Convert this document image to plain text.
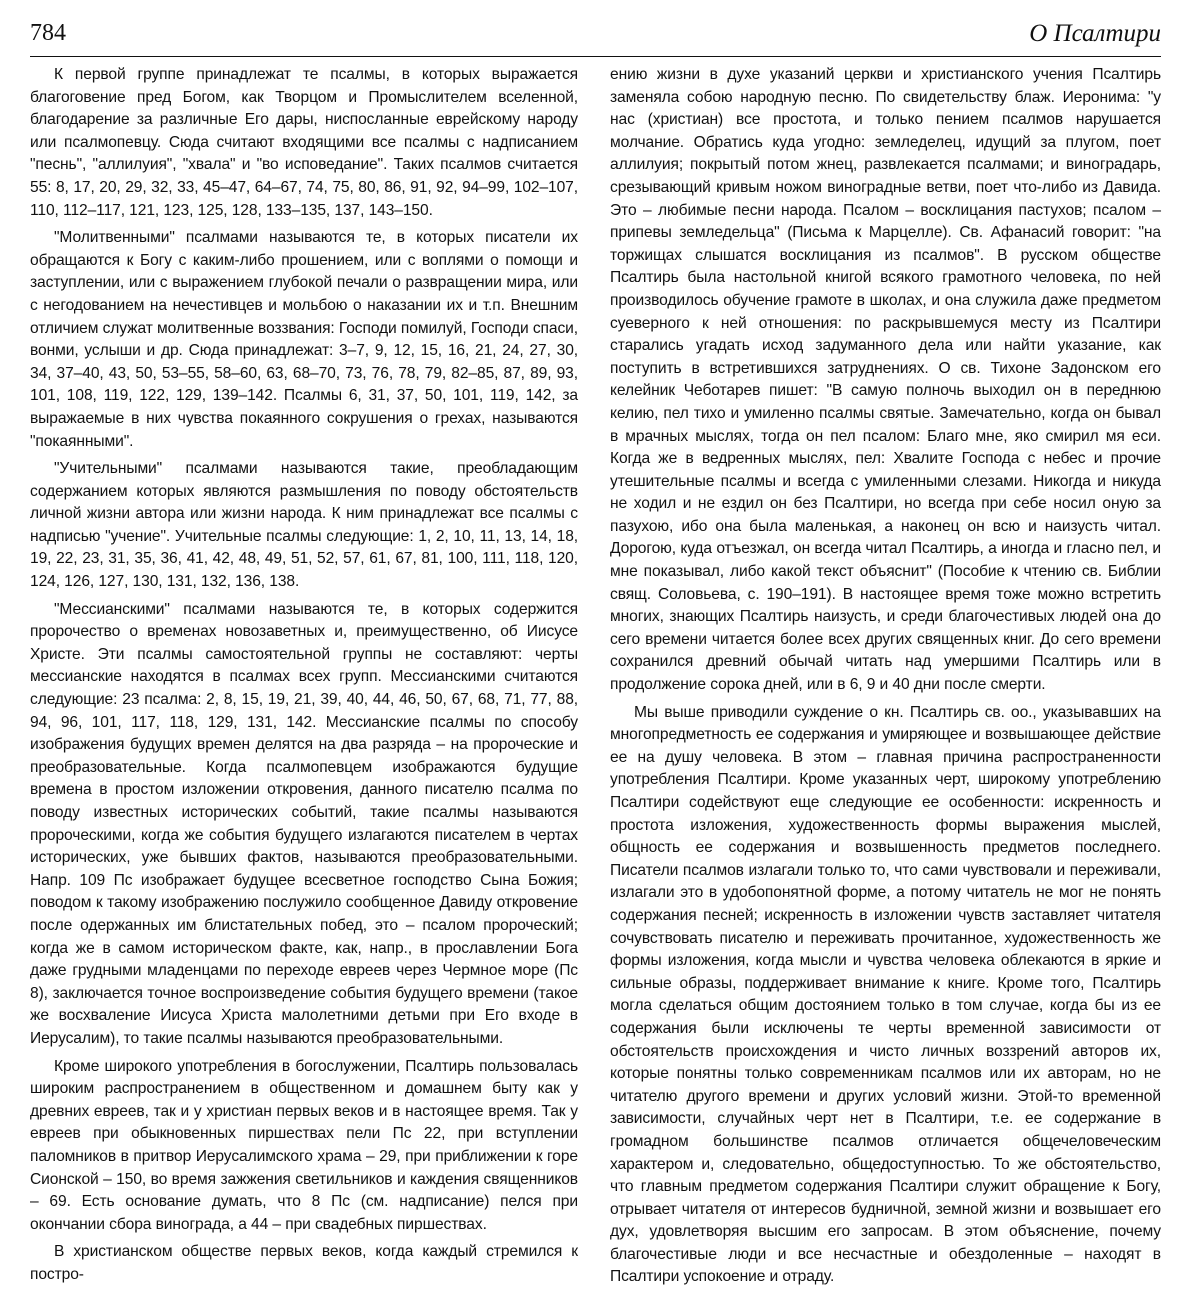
784	О Псалтири

К первой группе принадлежат те псалмы, в которых выражается благоговение пред Богом, как Творцом и Промыслителем вселенной, благодарение за различные Его дары, ниспосланные еврейскому народу или псалмопевцу. Сюда считают входящими все псалмы с надписанием "песнь", "аллилуия", "хвала" и "во исповедание". Таких псалмов считается 55: 8, 17, 20, 29, 32, 33, 45–47, 64–67, 74, 75, 80, 86, 91, 92, 94–99, 102–107, 110, 112–117, 121, 123, 125, 128, 133–135, 137, 143–150.

"Молитвенными" псалмами называются те, в которых писатели их обращаются к Богу с каким-либо прошением, или с воплями о помощи и заступлении, или с выражением глубокой печали о развращении мира, или с негодованием на нечестивцев и мольбою о наказании их и т.п. Внешним отличием служат молитвенные воззвания: Господи помилуй, Господи спаси, вонми, услыши и др. Сюда принадлежат: 3–7, 9, 12, 15, 16, 21, 24, 27, 30, 34, 37–40, 43, 50, 53–55, 58–60, 63, 68–70, 73, 76, 78, 79, 82–85, 87, 89, 93, 101, 108, 119, 122, 129, 139–142. Псалмы 6, 31, 37, 50, 101, 119, 142, за выражаемые в них чувства покаянного сокрушения о грехах, называются "покаянными".

"Учительными" псалмами называются такие, преобладающим содержанием которых являются размышления по поводу обстоятельств личной жизни автора или жизни народа. К ним принадлежат все псалмы с надписью "учение". Учительные псалмы следующие: 1, 2, 10, 11, 13, 14, 18, 19, 22, 23, 31, 35, 36, 41, 42, 48, 49, 51, 52, 57, 61, 67, 81, 100, 111, 118, 120, 124, 126, 127, 130, 131, 132, 136, 138.

"Мессианскими" псалмами называются те, в которых содержится пророчество о временах новозаветных и, преимущественно, об Иисусе Христе. Эти псалмы самостоятельной группы не составляют: черты мессианские находятся в псалмах всех групп. Мессианскими считаются следующие: 23 псалма: 2, 8, 15, 19, 21, 39, 40, 44, 46, 50, 67, 68, 71, 77, 88, 94, 96, 101, 117, 118, 129, 131, 142. Мессианские псалмы по способу изображения будущих времен делятся на два разряда – на пророческие и преобразовательные. Когда псалмопевцем изображаются будущие времена в простом изложении откровения, данного писателю псалма по поводу известных исторических событий, такие псалмы называются пророческими, когда же события будущего излагаются писателем в чертах исторических, уже бывших фактов, называются преобразовательными. Напр. 109 Пс изображает будущее всесветное господство Сына Божия; поводом к такому изображению послужило сообщенное Давиду откровение после одержанных им блистательных побед, это – псалом пророческий; когда же в самом историческом факте, как, напр., в прославлении Бога даже грудными младенцами по переходе евреев через Чермное море (Пс 8), заключается точное воспроизведение события будущего времени (такое же восхваление Иисуса Христа малолетними детьми при Его входе в Иерусалим), то такие псалмы называются преобразовательными.

Кроме широкого употребления в богослужении, Псалтирь пользовалась широким распространением в общественном и домашнем быту как у древних евреев, так и у христиан первых веков и в настоящее время. Так у евреев при обыкновенных пиршествах пели Пс 22, при вступлении паломников в притвор Иерусалимского храма – 29, при приближении к горе Сионской – 150, во время зажжения светильников и каждения священников – 69. Есть основание думать, что 8 Пс (см. надписание) пелся при окончании сбора винограда, а 44 – при свадебных пиршествах.

В христианском обществе первых веков, когда каждый стремился к постро-

ению жизни в духе указаний церкви и христианского учения Псалтирь заменяла собою народную песню. По свидетельству блаж. Иеронима: "у нас (христиан) все простота, и только пением псалмов нарушается молчание. Обратись куда угодно: земледелец, идущий за плугом, поет аллилуия; покрытый потом жнец, развлекается псалмами; и виноградарь, срезывающий кривым ножом виноградные ветви, поет что-либо из Давида. Это – любимые песни народа. Псалом – восклицания пастухов; псалом – припевы земледельца" (Письма к Марцелле). Св. Афанасий говорит: "на торжищах слышатся восклицания из псалмов". В русском обществе Псалтирь была настольной книгой всякого грамотного человека, по ней производилось обучение грамоте в школах, и она служила даже предметом суеверного к ней отношения: по раскрывшемуся месту из Псалтири старались угадать исход задуманного дела или найти указание, как поступить в встретившихся затруднениях. О св. Тихоне Задонском его келейник Чеботарев пишет: "В самую полночь выходил он в переднюю келию, пел тихо и умиленно псалмы святые. Замечательно, когда он бывал в мрачных мыслях, тогда он пел псалом: Благо мне, яко смирил мя еси. Когда же в ведренных мыслях, пел: Хвалите Господа с небес и прочие утешительные псалмы и всегда с умиленными слезами. Никогда и никуда не ходил и не ездил он без Псалтири, но всегда при себе носил оную за пазухою, ибо она была маленькая, а наконец он всю и наизусть читал. Дорогою, куда отъезжал, он всегда читал Псалтирь, а иногда и гласно пел, и мне показывал, либо какой текст объяснит" (Пособие к чтению св. Библии свящ. Соловьева, с. 190–191). В настоящее время тоже можно встретить многих, знающих Псалтирь наизусть, и среди благочестивых людей она до сего времени читается более всех других священных книг. До сего времени сохранился древний обычай читать над умершими Псалтирь или в продолжение сорока дней, или в 6, 9 и 40 дни после смерти.

Мы выше приводили суждение о кн. Псалтирь св. оо., указывавших на многопредметность ее содержания и умиряющее и возвышающее действие ее на душу человека. В этом – главная причина распространенности употребления Псалтири. Кроме указанных черт, широкому употреблению Псалтири содействуют еще следующие ее особенности: искренность и простота изложения, художественность формы выражения мыслей, общность ее содержания и возвышенность предметов последнего. Писатели псалмов излагали только то, что сами чувствовали и переживали, излагали это в удобопонятной форме, а потому читатель не мог не понять содержания песней; искренность в изложении чувств заставляет читателя сочувствовать писателю и переживать прочитанное, художественность же формы изложения, когда мысли и чувства человека облекаются в яркие и сильные образы, поддерживает внимание к книге. Кроме того, Псалтирь могла сделаться общим достоянием только в том случае, когда бы из ее содержания были исключены те черты временной зависимости от обстоятельств происхождения и чисто личных воззрений авторов их, которые понятны только современникам псалмов или их авторам, но не читателю другого времени и других условий жизни. Этой-то временной зависимости, случайных черт нет в Псалтири, т.е. ее содержание в громадном большинстве псалмов отличается общечеловеческим характером и, следовательно, общедоступностью. То же обстоятельство, что главным предметом содержания Псалтири служит обращение к Богу, отрывает читателя от интересов будничной, земной жизни и возвышает его дух, удовлетворяя высшим его запросам. В этом объяснение, почему благочестивые люди и все несчастные и обездоленные – находят в Псалтири успокоение и отраду.
